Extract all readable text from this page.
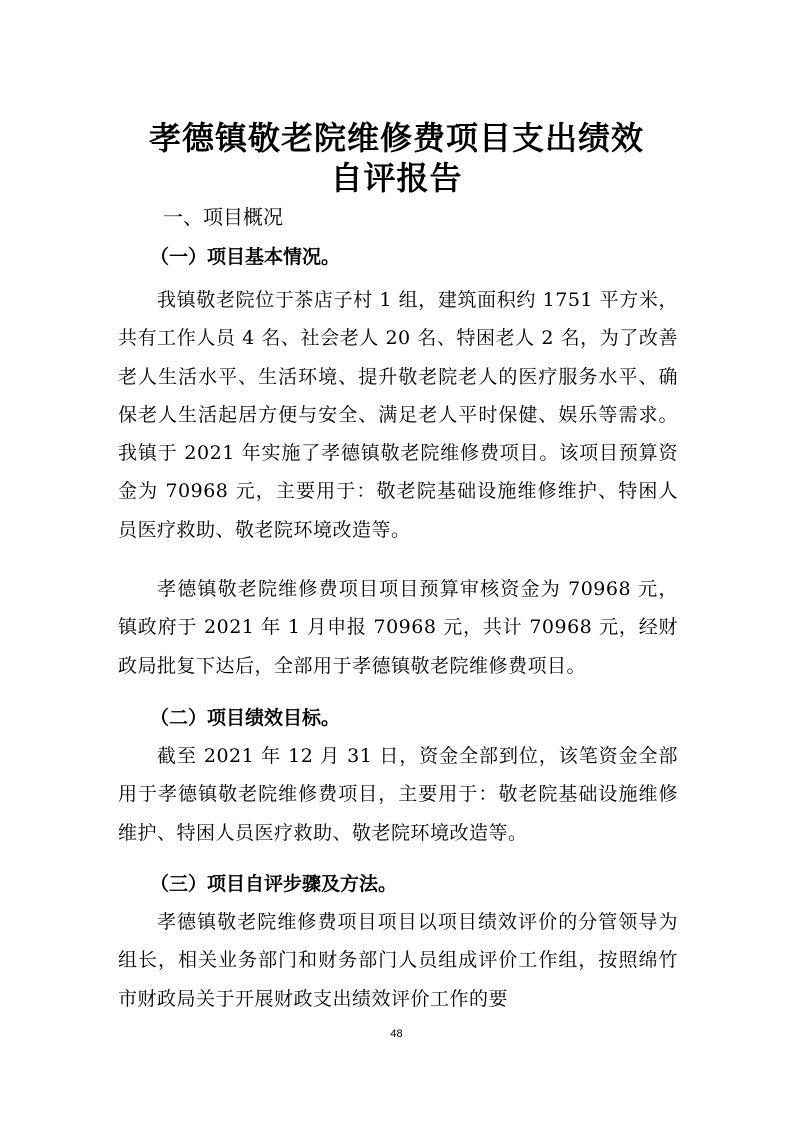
孝德镇敬老院维修费项目支出绩效
自评报告
一、项目概况
（一）项目基本情况。

我镇敬老院位于茶店子村 1 组，建筑面积约 1751 平方米，共有工作人员 4 名、社会老人 20 名、特困老人 2 名，为了改善老人生活水平、生活环境、提升敬老院老人的医疗服务水平、确保老人生活起居方便与安全、满足老人平时保健、娱乐等需求。我镇于 2021 年实施了孝德镇敬老院维修费项目。该项目预算资金为 70968 元，主要用于：敬老院基础设施维修维护、特困人员医疗救助、敬老院环境改造等。

孝德镇敬老院维修费项目项目预算审核资金为 70968 元，镇政府于 2021 年 1 月申报 70968 元，共计 70968 元，经财政局批复下达后，全部用于孝德镇敬老院维修费项目。

（二）项目绩效目标。

截至 2021 年 12 月 31 日，资金全部到位，该笔资金全部用于孝德镇敬老院维修费项目，主要用于：敬老院基础设施维修维护、特困人员医疗救助、敬老院环境改造等。

（三）项目自评步骤及方法。

孝德镇敬老院维修费项目项目以项目绩效评价的分管领导为组长，相关业务部门和财务部门人员组成评价工作组，按照绵竹市财政局关于开展财政支出绩效评价工作的要

48
